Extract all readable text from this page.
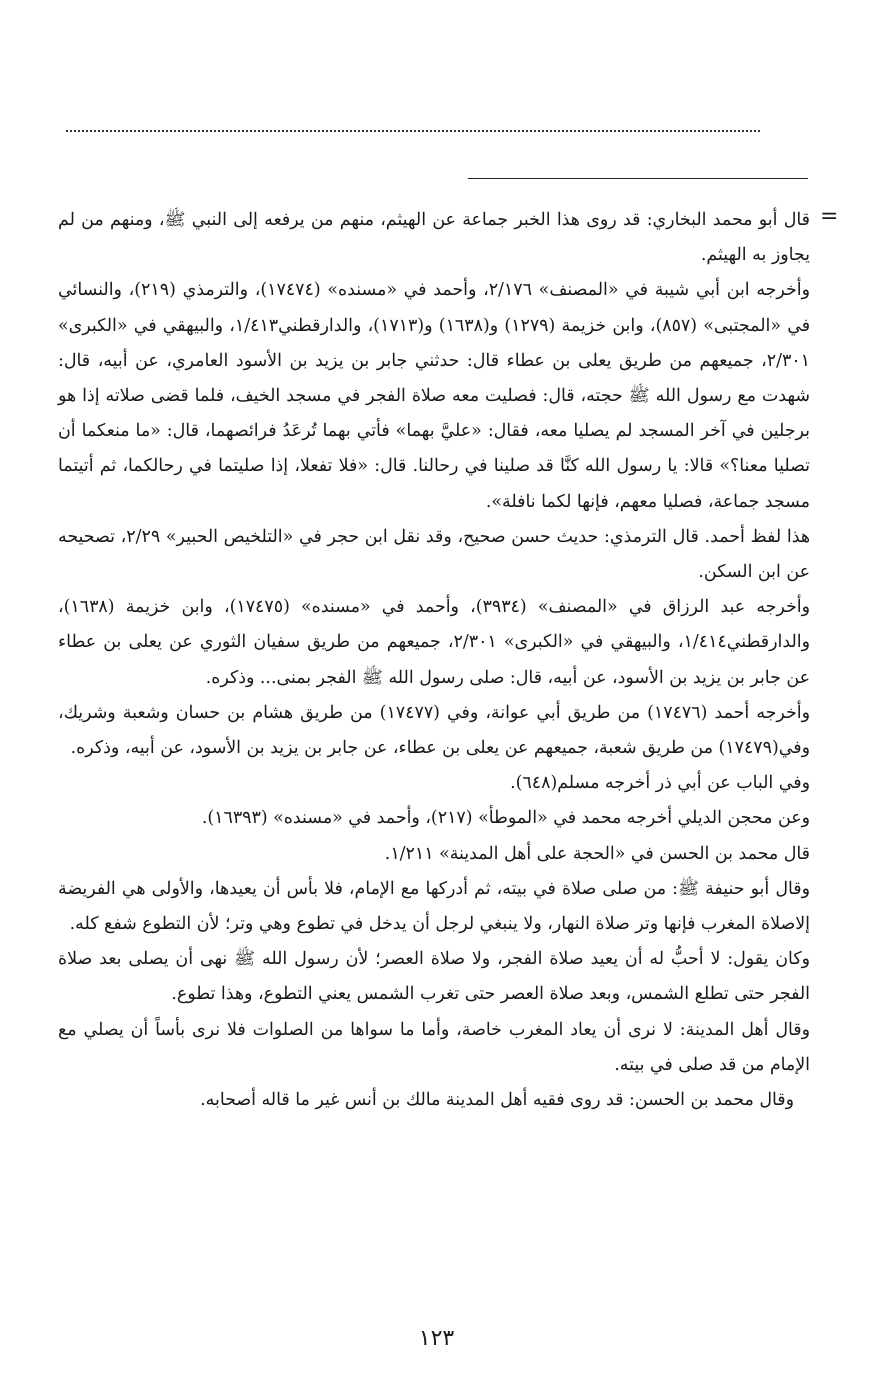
=

قال أبو محمد البخاري: قد روى هذا الخبر جماعة عن الهيثم، منهم من يرفعه إلى النبي ﷺ، ومنهم من لم يجاوز به الهيثم.

وأخرجه ابن أبي شيبة في «المصنف» ٢/١٧٦، وأحمد في «مسنده» (١٧٤٧٤)، والترمذي (٢١٩)، والنسائي في «المجتبى» (٨٥٧)، وابن خزيمة (١٢٧٩) و(١٦٣٨) و(١٧١٣)، والدارقطني١/٤١٣، والبيهقي في «الكبرى» ٢/٣٠١، جميعهم من طريق يعلى بن عطاء قال: حدثني جابر بن يزيد بن الأسود العامري، عن أبيه، قال: شهدت مع رسول الله ﷺ حجته، قال: فصليت معه صلاة الفجر في مسجد الخيف، فلما قضى صلاته إذا هو برجلين في آخر المسجد لم يصليا معه، فقال: «عليَّ بهما» فأتي بهما تُرعَدُ فرائصهما، قال: «ما منعكما أن تصليا معنا؟» قالا: يا رسول الله كنَّا قد صلينا في رحالنا. قال: «فلا تفعلا، إذا صليتما في رحالكما، ثم أتيتما مسجد جماعة، فصليا معهم، فإنها لكما نافلة».

هذا لفظ أحمد. قال الترمذي: حديث حسن صحيح، وقد نقل ابن حجر في «التلخيص الحبير» ٢/٢٩، تصحيحه عن ابن السكن.

وأخرجه عبد الرزاق في «المصنف» (٣٩٣٤)، وأحمد في «مسنده» (١٧٤٧٥)، وابن خزيمة (١٦٣٨)، والدارقطني١/٤١٤، والبيهقي في «الكبرى» ٢/٣٠١، جميعهم من طريق سفيان الثوري عن يعلى بن عطاء عن جابر بن يزيد بن الأسود، عن أبيه، قال: صلى رسول الله ﷺ الفجر بمنى... وذكره.

وأخرجه أحمد (١٧٤٧٦) من طريق أبي عوانة، وفي (١٧٤٧٧) من طريق هشام بن حسان وشعبة وشريك، وفي(١٧٤٧٩) من طريق شعبة، جميعهم عن يعلى بن عطاء، عن جابر بن يزيد بن الأسود، عن أبيه، وذكره.

وفي الباب عن أبي ذر أخرجه مسلم(٦٤٨).

وعن محجن الديلي أخرجه محمد في «الموطأ» (٢١٧)، وأحمد في «مسنده» (١٦٣٩٣).

قال محمد بن الحسن في «الحجة على أهل المدينة» ١/٢١١.

وقال أبو حنيفة ﷺ: من صلى صلاة في بيته، ثم أدركها مع الإمام، فلا بأس أن يعيدها، والأولى هي الفريضة إلاصلاة المغرب فإنها وتر صلاة النهار، ولا ينبغي لرجل أن يدخل في تطوع وهي وتر؛ لأن التطوع شفع كله.

وكان يقول: لا أحبُّ له أن يعيد صلاة الفجر، ولا صلاة العصر؛ لأن رسول الله ﷺ نهى أن يصلى بعد صلاة الفجر حتى تطلع الشمس، وبعد صلاة العصر حتى تغرب الشمس يعني التطوع، وهذا تطوع.

وقال أهل المدينة: لا نرى أن يعاد المغرب خاصة، وأما ما سواها من الصلوات فلا نرى بأساً أن يصلي مع الإمام من قد صلى في بيته.

وقال محمد بن الحسن: قد روى فقيه أهل المدينة مالك بن أنس غير ما قاله أصحابه.

١٢٣
